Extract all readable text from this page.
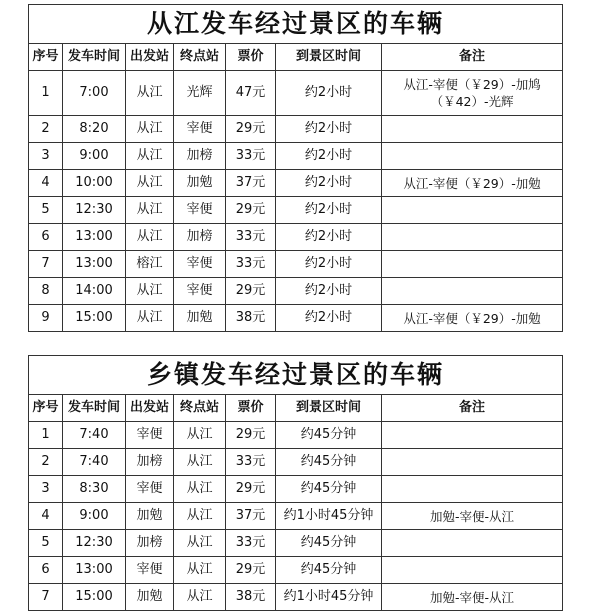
从江发车经过景区的车辆						
序号	发车时间	出发站	终点站	票价	到景区时间	备注
1	7:00	从江	光辉	47元	约2小时	从江-宰便（￥29）-加鸠（￥42）-光辉
2	8:20	从江	宰便	29元	约2小时	
3	9:00	从江	加榜	33元	约2小时	
4	10:00	从江	加勉	37元	约2小时	从江-宰便（￥29）-加勉
5	12:30	从江	宰便	29元	约2小时	
6	13:00	从江	加榜	33元	约2小时	
7	13:00	榕江	宰便	33元	约2小时	
8	14:00	从江	宰便	29元	约2小时	
9	15:00	从江	加勉	38元	约2小时	从江-宰便（￥29）-加勉
乡镇发车经过景区的车辆						
序号	发车时间	出发站	终点站	票价	到景区时间	备注
1	7:40	宰便	从江	29元	约45分钟	
2	7:40	加榜	从江	33元	约45分钟	
3	8:30	宰便	从江	29元	约45分钟	
4	9:00	加勉	从江	37元	约1小时45分钟	加勉-宰便-从江
5	12:30	加榜	从江	33元	约45分钟	
6	13:00	宰便	从江	29元	约45分钟	
7	15:00	加勉	从江	38元	约1小时45分钟	加勉-宰便-从江
